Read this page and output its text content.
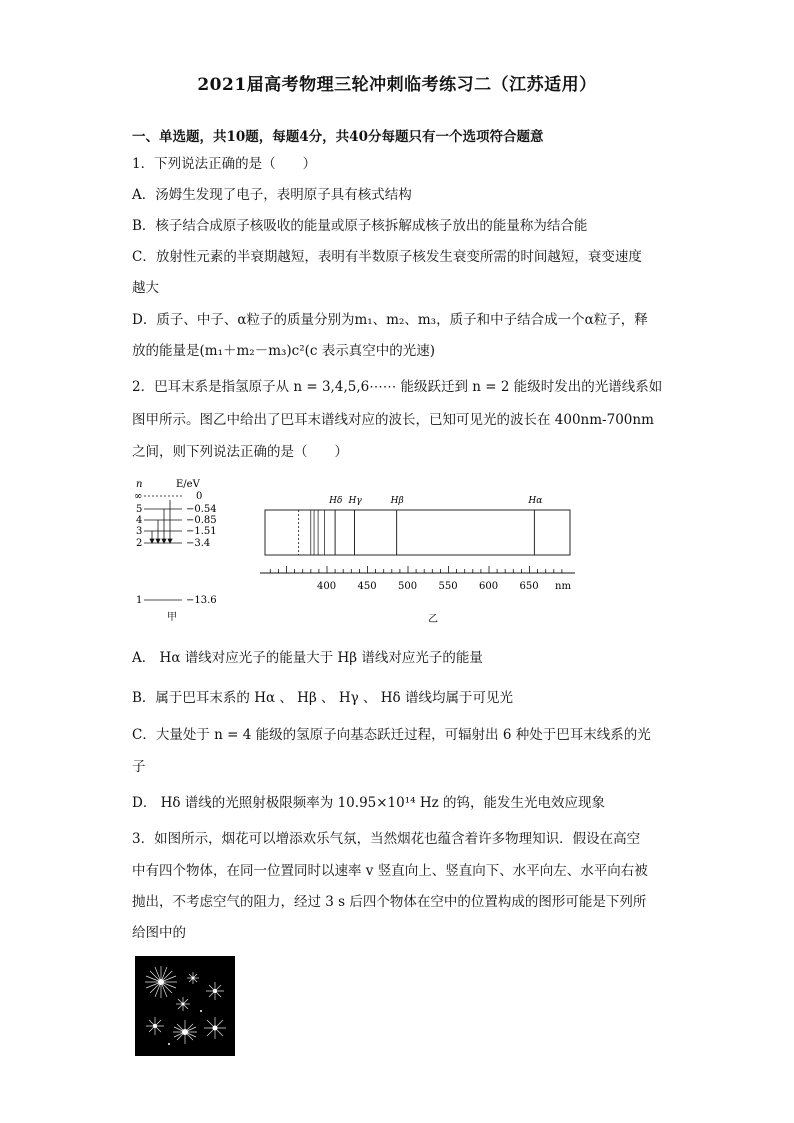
2021届高考物理三轮冲刺临考练习二（江苏适用）
一、单选题，共10题，每题4分，共40分每题只有一个选项符合题意
1．下列说法正确的是（　　）
A．汤姆生发现了电子，表明原子具有核式结构
B．核子结合成原子核吸收的能量或原子核拆解成核子放出的能量称为结合能
C．放射性元素的半衰期越短，表明有半数原子核发生衰变所需的时间越短，衰变速度
越大
D．质子、中子、α粒子的质量分别为m₁、m₂、m₃，质子和中子结合成一个α粒子，释
放的能量是(m₁＋m₂－m₃)c²(c 表示真空中的光速)
2．巴耳末系是指氢原子从 n = 3,4,5,6⋯⋯ 能级跃迁到 n = 2 能级时发出的光谱线系如
图甲所示。图乙中给出了巴耳末谱线对应的波长，已知可见光的波长在 400nm-700nm
之间，则下列说法正确的是（　　）
n	E/eV
∞
5
4
3
2
1
0
−0.54
−0.85
−1.51
−3.4
−13.6
甲
Hδ Hγ	Hβ	Hα
400 450 500 550 600 650 nm
乙
A． Hα 谱线对应光子的能量大于 Hβ 谱线对应光子的能量
B．属于巴耳末系的 Hα 、 Hβ 、 Hγ 、 Hδ 谱线均属于可见光
C．大量处于 n = 4 能级的氢原子向基态跃迁过程，可辐射出 6 种处于巴耳末线系的光
子
D． Hδ 谱线的光照射极限频率为 10.95×10¹⁴ Hz 的钨，能发生光电效应现象
3．如图所示，烟花可以增添欢乐气氛，当然烟花也蕴含着许多物理知识．假设在高空
中有四个物体，在同一位置同时以速率 v 竖直向上、竖直向下、水平向左、水平向右被
抛出，不考虑空气的阻力，经过 3 s 后四个物体在空中的位置构成的图形可能是下列所
给图中的
